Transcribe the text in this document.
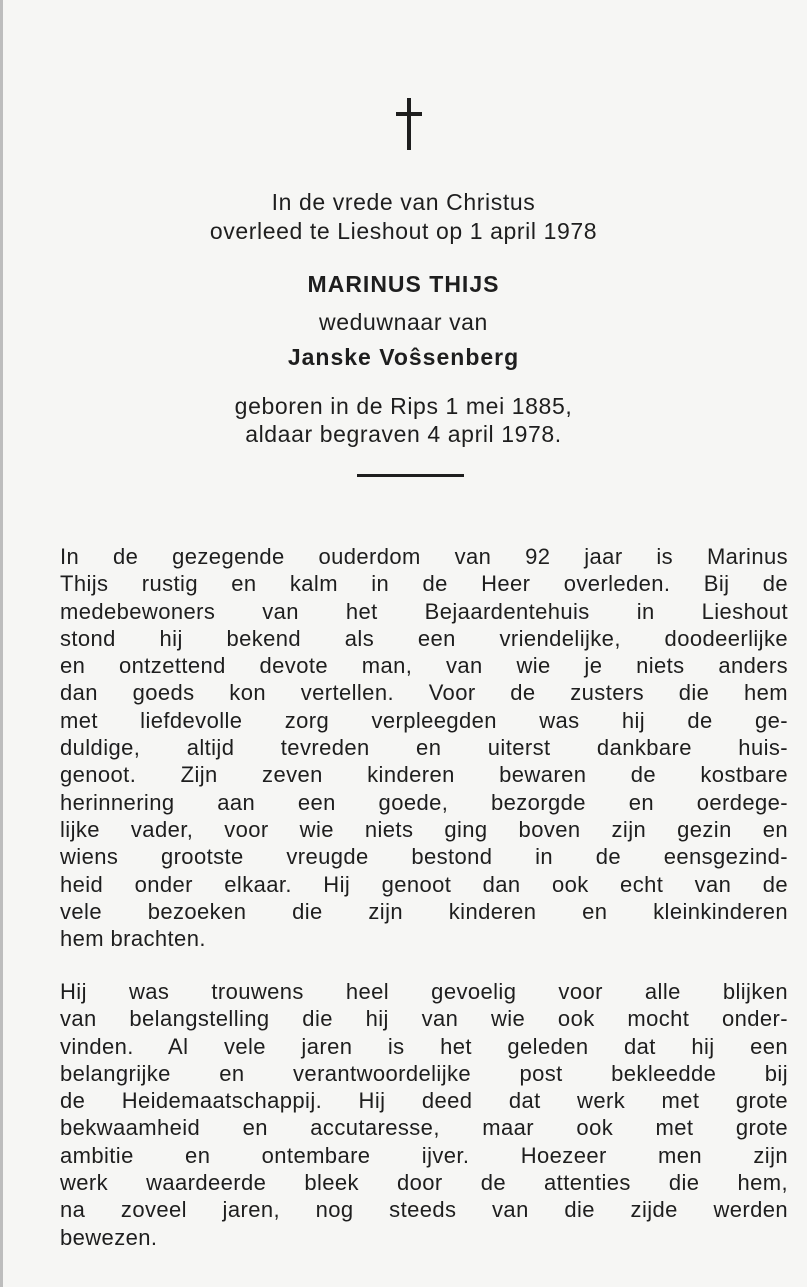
In de vrede van Christus
overleed te Lieshout op 1 april 1978
MARINUS THIJS
weduwnaar van
Janske Voŝsenberg
geboren in de Rips 1 mei 1885,
aldaar begraven 4 april 1978.
In de gezegende ouderdom van 92 jaar is Marinus
Thijs rustig en kalm in de Heer overleden. Bij de
medebewoners van het Bejaardentehuis in Lieshout
stond hij bekend als een vriendelijke, doodeerlijke
en ontzettend devote man, van wie je niets anders
dan goeds kon vertellen. Voor de zusters die hem
met liefdevolle zorg verpleegden was hij de ge-
duldige, altijd tevreden en uiterst dankbare huis-
genoot. Zijn zeven kinderen bewaren de kostbare
herinnering aan een goede, bezorgde en oerdege-
lijke vader, voor wie niets ging boven zijn gezin en
wiens grootste vreugde bestond in de eensgezind-
heid onder elkaar. Hij genoot dan ook echt van de
vele bezoeken die zijn kinderen en kleinkinderen
hem brachten.
Hij was trouwens heel gevoelig voor alle blijken
van belangstelling die hij van wie ook mocht onder-
vinden. Al vele jaren is het geleden dat hij een
belangrijke en verantwoordelijke post bekleedde bij
de Heidemaatschappij. Hij deed dat werk met grote
bekwaamheid en accutaresse, maar ook met grote
ambitie en ontembare ijver. Hoezeer men zijn
werk waardeerde bleek door de attenties die hem,
na zoveel jaren, nog steeds van die zijde werden
bewezen.
